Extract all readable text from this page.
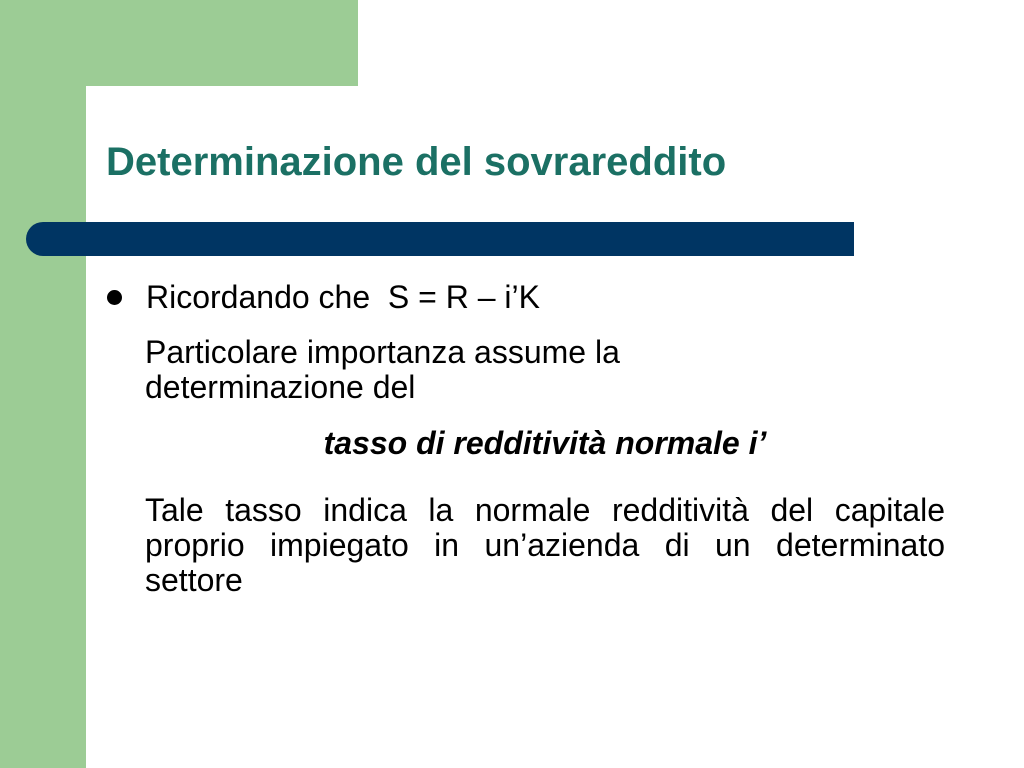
Determinazione del sovrareddito
Ricordando che  S = R – i’K

Particolare importanza assume la
determinazione del

tasso di redditività normale i’

Tale tasso indica la normale redditività del capitale proprio impiegato in un’azienda di un determinato settore
